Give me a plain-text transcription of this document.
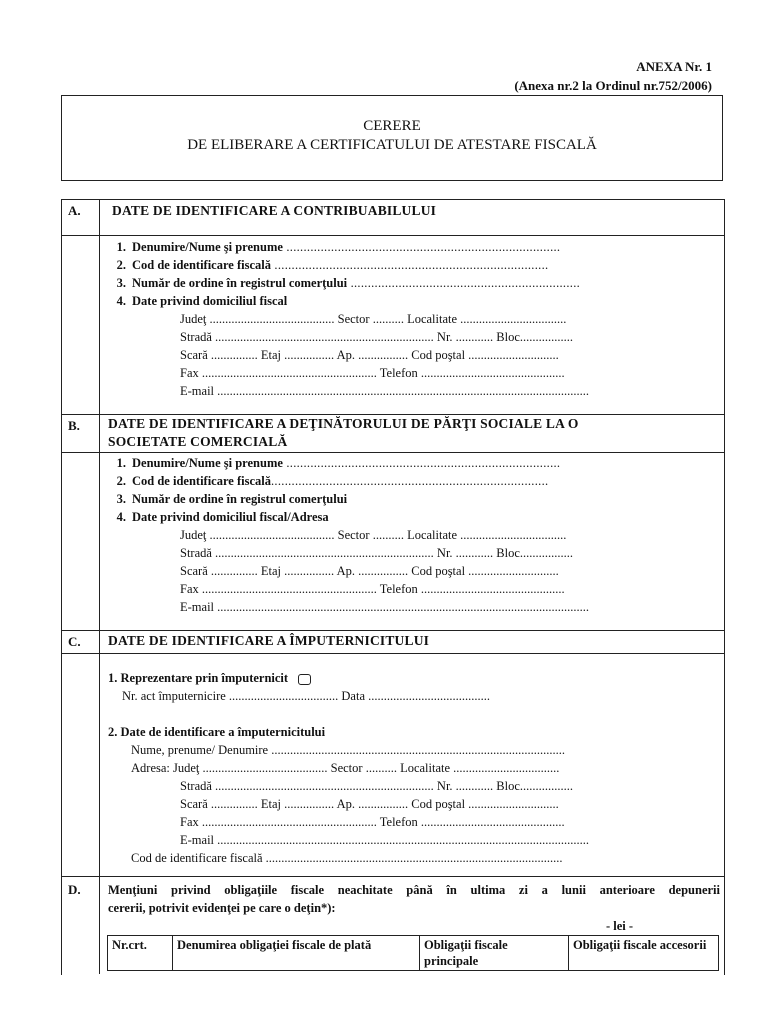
ANEXA Nr. 1
(Anexa nr.2 la Ordinul nr.752/2006)
CERERE
DE ELIBERARE A CERTIFICATULUI DE ATESTARE FISCALĂ
A. DATE DE IDENTIFICARE A CONTRIBUABILULUI
1. Denumire/Nume şi prenume ................................................................................
2. Cod de identificare fiscală ................................................................................
3. Număr de ordine în registrul comerţului ...................................................................
4. Date privind domiciliul fiscal
Judeţ ........................................ Sector .......... Localitate ..................................
Stradă ...................................................................... Nr. ............ Bloc.................
Scară ............... Etaj ................ Ap. ................ Cod poştal .............................
Fax ........................................................ Telefon ..............................................
E-mail .......................................................................................................................
B. DATE DE IDENTIFICARE A DEŢINĂTORULUI DE PĂRŢI SOCIALE LA O
SOCIETATE COMERCIALĂ
1. Denumire/Nume şi prenume ................................................................................
2. Cod de identificare fiscală.................................................................................
3. Număr de ordine în registrul comerţului
4. Date privind domiciliul fiscal/Adresa
Judeţ ........................................ Sector .......... Localitate ..................................
Stradă ...................................................................... Nr. ............ Bloc.................
Scară ............... Etaj ................ Ap. ................ Cod poştal .............................
Fax ........................................................ Telefon ..............................................
E-mail .......................................................................................................................
C. DATE DE IDENTIFICARE A ÎMPUTERNICITULUI
1. Reprezentare prin împuternicit
Nr. act împuternicire ................................... Data .......................................
2. Date de identificare a împuternicitului
Nume, prenume/ Denumire ..............................................................................................
Adresa: Judeţ ........................................ Sector .......... Localitate ..................................
Stradă ...................................................................... Nr. ............ Bloc.................
Scară ............... Etaj ................ Ap. ................ Cod poştal .............................
Fax ........................................................ Telefon ..............................................
E-mail .......................................................................................................................
Cod de identificare fiscală ...............................................................................................
D. Menţiuni privind obligaţiile fiscale neachitate până în ultima zi a lunii anterioare depunerii
cererii, potrivit evidenţei pe care o deţin*):
- lei -
Nr.crt.	Denumirea obligaţiei fiscale de plată	Obligaţii fiscale principale	Obligaţii fiscale accesorii
